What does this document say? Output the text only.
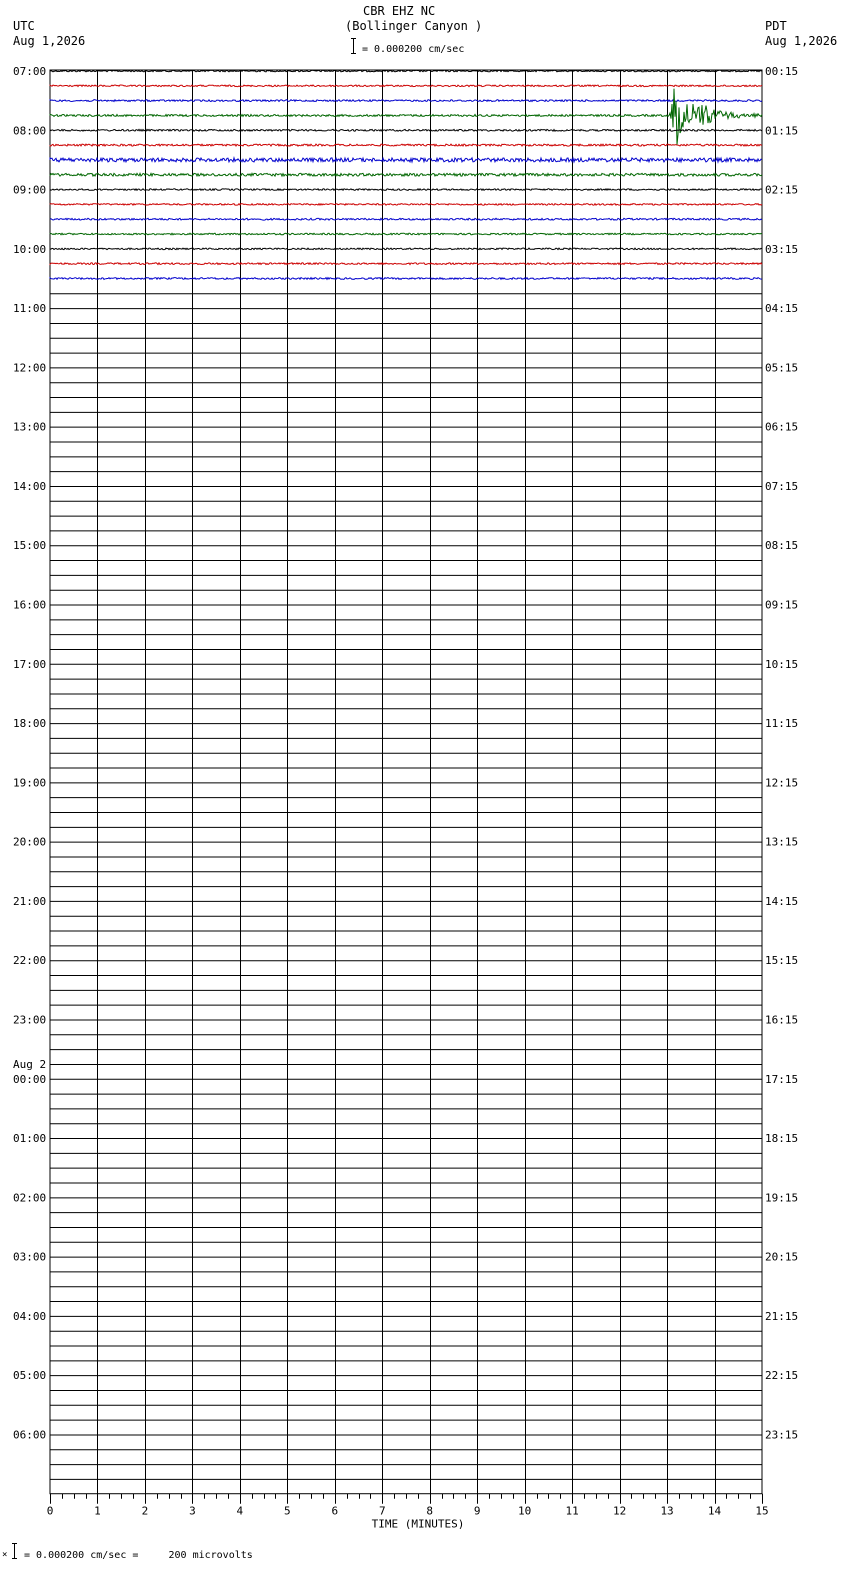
CBR EHZ NC
(Bollinger Canyon )
UTC
Aug 1,2026
PDT
Aug 1,2026
= 0.000200 cm/sec
07:00
08:00
09:00
10:00
11:00
12:00
13:00
14:00
15:00
16:00
17:00
18:00
19:00
20:00
21:00
22:00
23:00
00:00
01:00
02:00
03:00
04:00
05:00
06:00
00:15
01:15
02:15
03:15
04:15
05:15
06:15
07:15
08:15
09:15
10:15
11:15
12:15
13:15
14:15
15:15
16:15
17:15
18:15
19:15
20:15
21:15
22:15
23:15
Aug 2
0	1	2	3	4	5	6	7	8	9	10	11	12	13	14	15
TIME (MINUTES)
× = 0.000200 cm/sec =     200 microvolts
